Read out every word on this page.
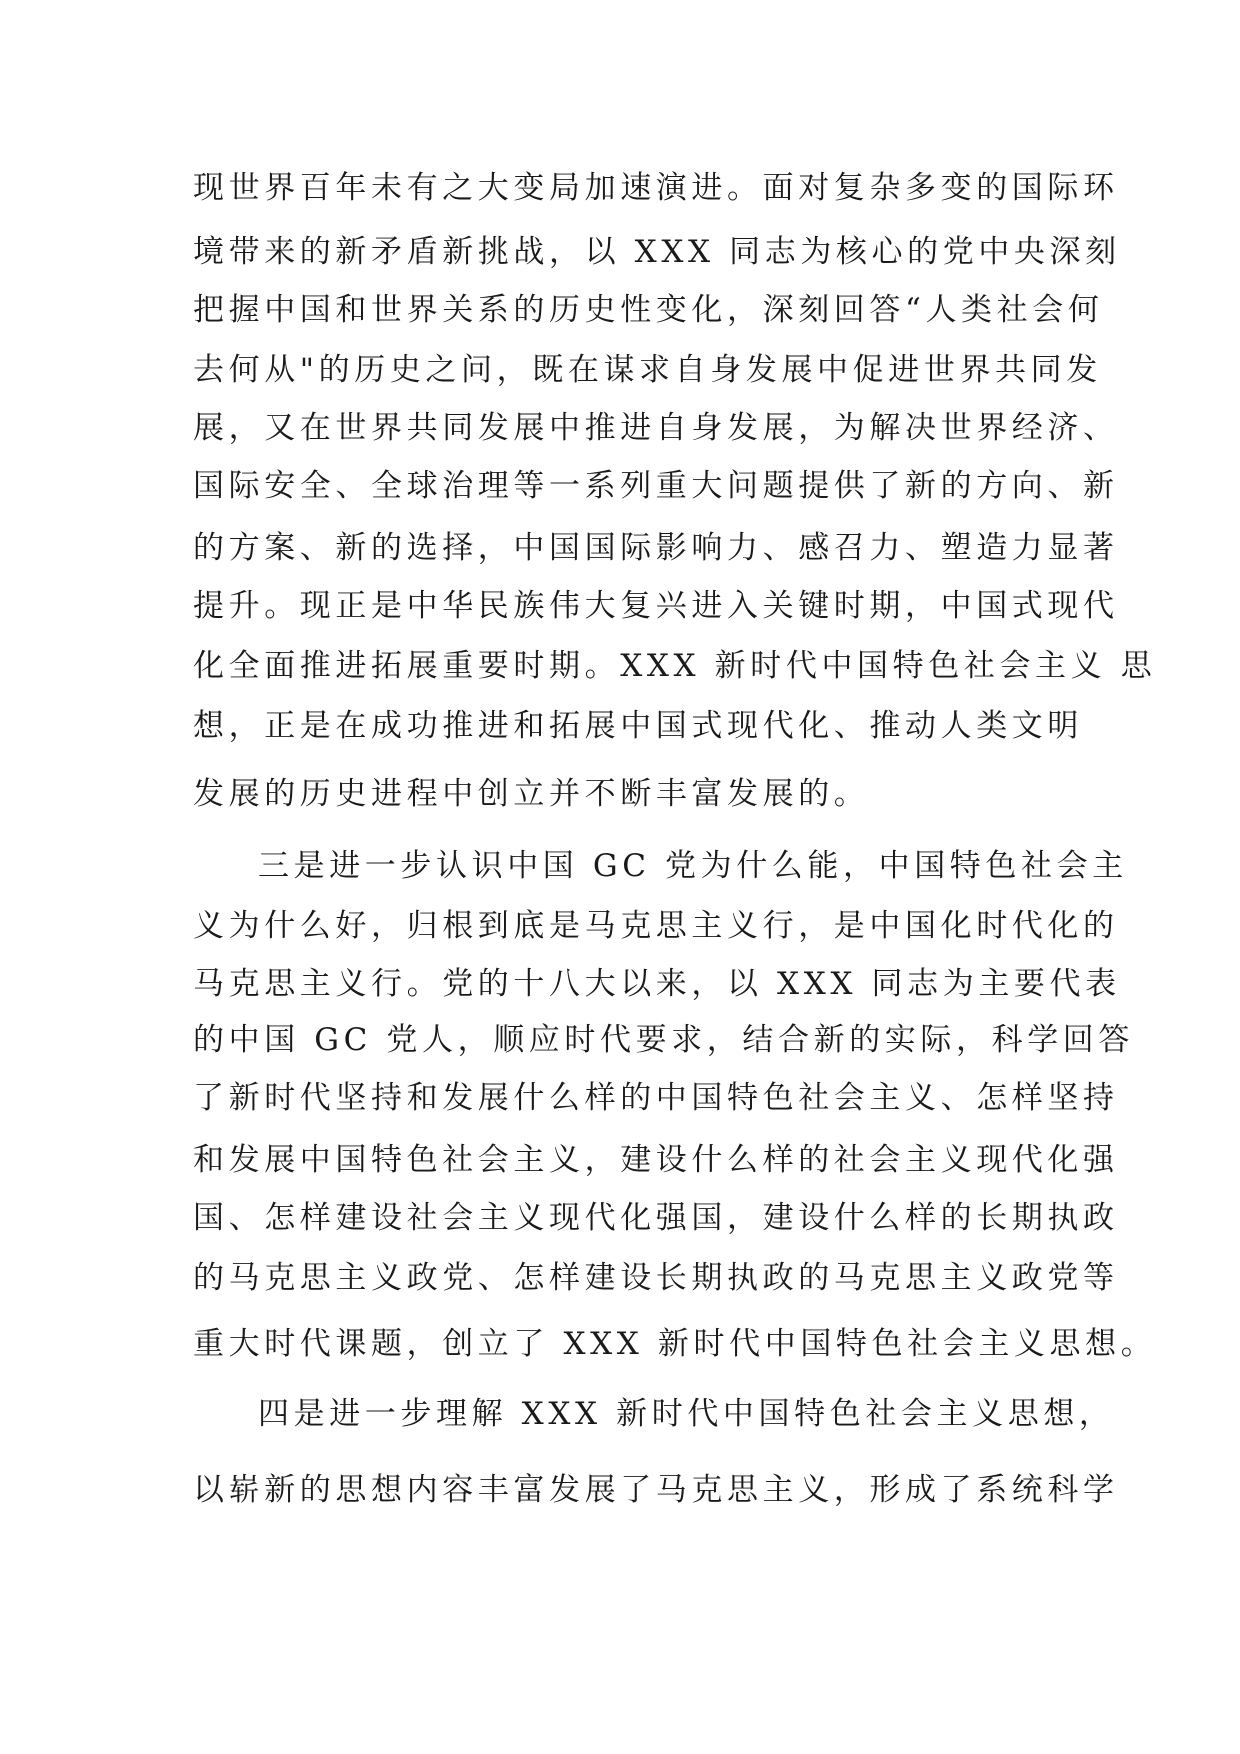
现世界百年未有之大变局加速演进。面对复杂多变的国际环
境带来的新矛盾新挑战，以 XXX 同志为核心的党中央深刻
把握中国和世界关系的历史性变化，深刻回答“人类社会何
去何从"的历史之问，既在谋求自身发展中促进世界共同发
展，又在世界共同发展中推进自身发展，为解决世界经济、
国际安全、全球治理等一系列重大问题提供了新的方向、新
的方案、新的选择，中国国际影响力、感召力、塑造力显著
提升。现正是中华民族伟大复兴进入关键时期，中国式现代
化全面推进拓展重要时期。XXX 新时代中国特色社会主义 思
想，正是在成功推进和拓展中国式现代化、推动人类文明
发展的历史进程中创立并不断丰富发展的。
三是进一步认识中国 GC 党为什么能，中国特色社会主
义为什么好，归根到底是马克思主义行，是中国化时代化的
马克思主义行。党的十八大以来，以 XXX 同志为主要代表
的中国 GC 党人，顺应时代要求，结合新的实际，科学回答
了新时代坚持和发展什么样的中国特色社会主义、怎样坚持
和发展中国特色社会主义，建设什么样的社会主义现代化强
国、怎样建设社会主义现代化强国，建设什么样的长期执政
的马克思主义政党、怎样建设长期执政的马克思主义政党等
重大时代课题，创立了 XXX 新时代中国特色社会主义思想。
四是进一步理解 XXX 新时代中国特色社会主义思想，
以崭新的思想内容丰富发展了马克思主义，形成了系统科学
